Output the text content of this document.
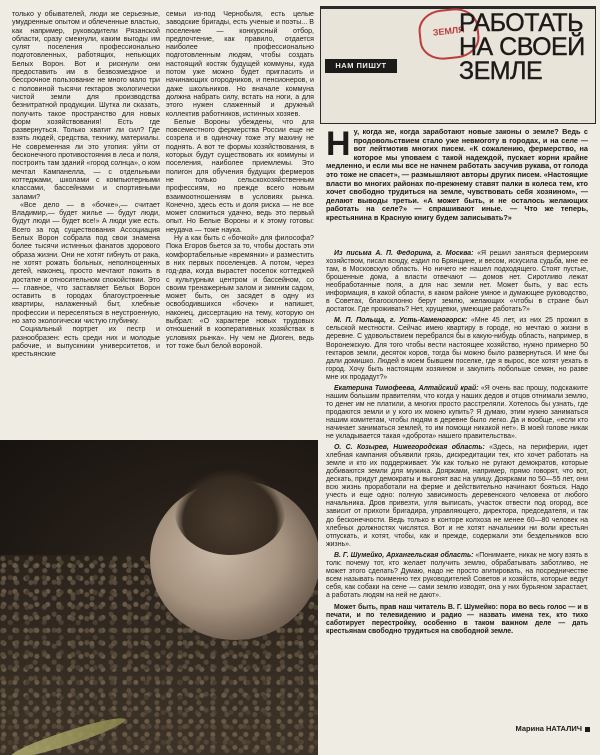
только у обывателей, люди же серьезные, умудренные опытом и облеченные властью, как например, руководители Рязанской области, сразу смекнули, каким выгоды им сулят поселения профессионально подготовленных, работящих, непьющих Белых Ворон. Вот и рискнули они предоставить им в безвозмездное и бессрочное пользование не много мало три с половиной тысячи гектаров экологически чистой земли для производства безнитратной продукции. Шутка ли сказать, получить такое пространство для новых форм хозяйствования! Есть где развернуться. Только хватит ли сил? Где взять людей, средства, технику, материалы. Не современная ли это утопия: уйти от бесконечного противостояния в леса и поля, построить там зданий «город солнца», о ком мечтал Кампанелла, — с отдельными коттеджами, школами с компьютерными классами, бассейнами и спортивными залами?

«Все дело — в «бочке»,— считает Владимир,— будет жилье — будут люди, будут люди — будет все!» А люди уже есть. Всего за год существования Ассоциация Белых Ворон собрала под свои знамена более тысячи истинных фанатов здорового образа жизни. Они не хотят гибнуть от рака, не хотят рожать больных, неполноценных детей, наконец, просто мечтают пожить в достатке и относительном спокойствии. Это — главное, что заставляет Белых Ворон оставить в городах благоустроенные квартиры, налаженный быт, хлебные профессии и переселяться в неустроенную, но зато экологически чистую глубинку.

Социальный портрет их пестр и разнообразен: есть среди них и молодые рабочие, и выпускники университетов, и крестьянские

семьи из-под Чернобыля, есть целые заводские бригады, есть ученые и поэты... В поселение — конкурсный отбор, предпочтение, как правило, отдается наиболее профессионально подготовленным людям, чтобы создать настоящий костяк будущей коммуны, куда потом уже можно будет пригласить и начинающих огородников, и пенсионеров, и даже школьников. Но вначале коммуна должна набрать силу, встать на ноги, а для этого нужен слаженный и дружный коллектив работников, истинных хозяев.

Белые Вороны убеждены, что для повсеместного фермерства России еще не созрела и в одиночку тоже эту махину не поднять. А вот те формы хозяйствования, в которых будут существовать их коммуны и поселения, наиболее приемлемы. Это полигон для обучения будущих фермеров не только сельскохозяйственным профессиям, но прежде всего новым взаимоотношениям в условиях рынка. Конечно, здесь есть и доля риска — не все может сложиться удачно, ведь это первый опыт. Но Белые Вороны и к этому готовы: неудача — тоже наука.

Ну а как быть с «бочкой» для философа? Пока Егоров бьется за то, чтобы достать эти комфортабельные «времянки» и разместить в них первых поселенцев. А потом, через год-два, когда вырастет поселок коттеджей с культурным центром и бассейном, со своим тренажерным залом и зимним садом, может быть, он засядет в одну из освободившихся «бочек» и напишет, наконец, диссертацию на тему, которую он выбрал: «О характере новых трудовых отношений в кооперативных хозяйствах в условиях рынка». Ну чем не Диоген, ведь тот тоже был белой вороной.

ЗЕМЛЯ
НАМ ПИШУТ
РАБОТАТЬ
НА СВОЕЙ
ЗЕМЛЕ
Ну, когда же, когда заработают новые законы о земле? Ведь с продовольствием стало уже невмоготу в городах, и на селе — вот лейтмотив многих писем. «К сожалению, фермерство, на которое мы уповаем с такой надеждой, пускает корни крайне медленно, и если мы все не начнем работать засучив рукава, от голода это тоже не спасет», — размышляют авторы других писем. «Настоящие власти во многих районах по-прежнему ставят палки в колеса тем, кто хочет свободно трудиться на земле, чувствовать себя хозяином», — делают выводы третьи. «А может быть, и не осталось желающих работать на селе?» — спрашивают иные. — Что же теперь, крестьянина в Красную книгу будем записывать?»

Из письма А. П. Федорина, г. Москва: «Я решил заняться фермерским хозяйством, писал всюду, ездил по Брянщине, и весом, искусила судьба, мне ее там, в Московскую область. Но ничего не нашел подходящего. Стоят пустые, брошенные дома, а власти отвечают — домов нет. Сиротливо лежат необработанные поля, а для нас земли нет. Может быть, у вас есть информация, в какой области, в каком районе умное и думающее руководство, в Советах, благосклонно берут землю, желающих «чтобы в стране был достаток. Где проживать? Нет, хрущевки, умеющие работать?»

М. П. Польща, г. Усть-Каменогорск: «Мне 45 лет, из них 25 прожил в сельской местности. Сейчас имею квартиру в городе, но мечтаю о жизни в деревне. С удовольствием перебрался бы в какую-нибудь область, например, в Воронежскую. Для того чтобы вести настоящее хозяйство, нужно примерно 50 гектаров земли, десяток коров, тогда бы можно было развернуться. И мне бы дали домишко. Людей в моем бывшем поселке, где я вырос, все хотят уехать в город. Хочу быть настоящим хозяином и закупить побольше семян, но разве мне их продадут?»

Екатерина Тимофеева, Алтайский край: «Я очень вас прошу, подскажите нашим большим правителям, что когда у наших дедов и отцов отнимали землю, то денег им не платили, а многих просто расстреляли. Хотелось бы узнать, где продаются земли и у кого их можно купить? Я думаю, этим нужно заниматься нашим комитетам, чтобы людям в деревне было легко. Да и вообще, «если кто начинает заниматься землей, то им помощи никакой нет». В моей голове никак не укладывается такая «доброта» нашего правительства».

О. С. Козырев, Нижегородская область: «Здесь, на периферии, идет хлебная кампания объявили грязь, дискредитации тех, кто хочет работать на земле и кто их поддерживает. Уж как только не ругают демократов, которые добиваются земли для мужика. Доярками, например, прямо говорят, что вот, дескать, придут демократы и выгонят вас на улицу. Доярками по 50—55 лет, они всю жизнь проработали на ферме и действительно начинают бояться. Надо учесть и еще одно: полную зависимость деревенского человека от любого начальника. Дров привезти, угля выписать, участок отвести под огород, все зависит от прихоти бригадира, управляющего, директора, председателя, и так до бесконечности. Ведь только в конторе колхоза не менее 60—80 человек на хлебных должностях числятся. Вот и не хотят начальники ни воли крестьян отпускать, и хотят, чтобы, как и прежде, содержали эти бездельников всю жизнь».

В. Г. Шумейко, Архангельская область: «Понимаете, никак не могу взять в толк: почему тот, кто желает получить землю, обрабатывать заботливо, не может этого сделать? Думаю, надо не просто агитировать, на посредничестве всем называть поименно тех руководителей Советов и хозяйств, которые ведут себя, как собаки на сене — сами землю изводят, она у них бурьяном зарастает, а работать людям на ней не дают».

Может быть, прав наш читатель В. Г. Шумейко: пора во весь голос — и в печати, и по телевидению и радио — назвать имена тех, кто тихо саботирует перестройку, особенно в таком важном деле — дать крестьянам свободно трудиться на свободной земле.

Марина НАТАЛИЧ
